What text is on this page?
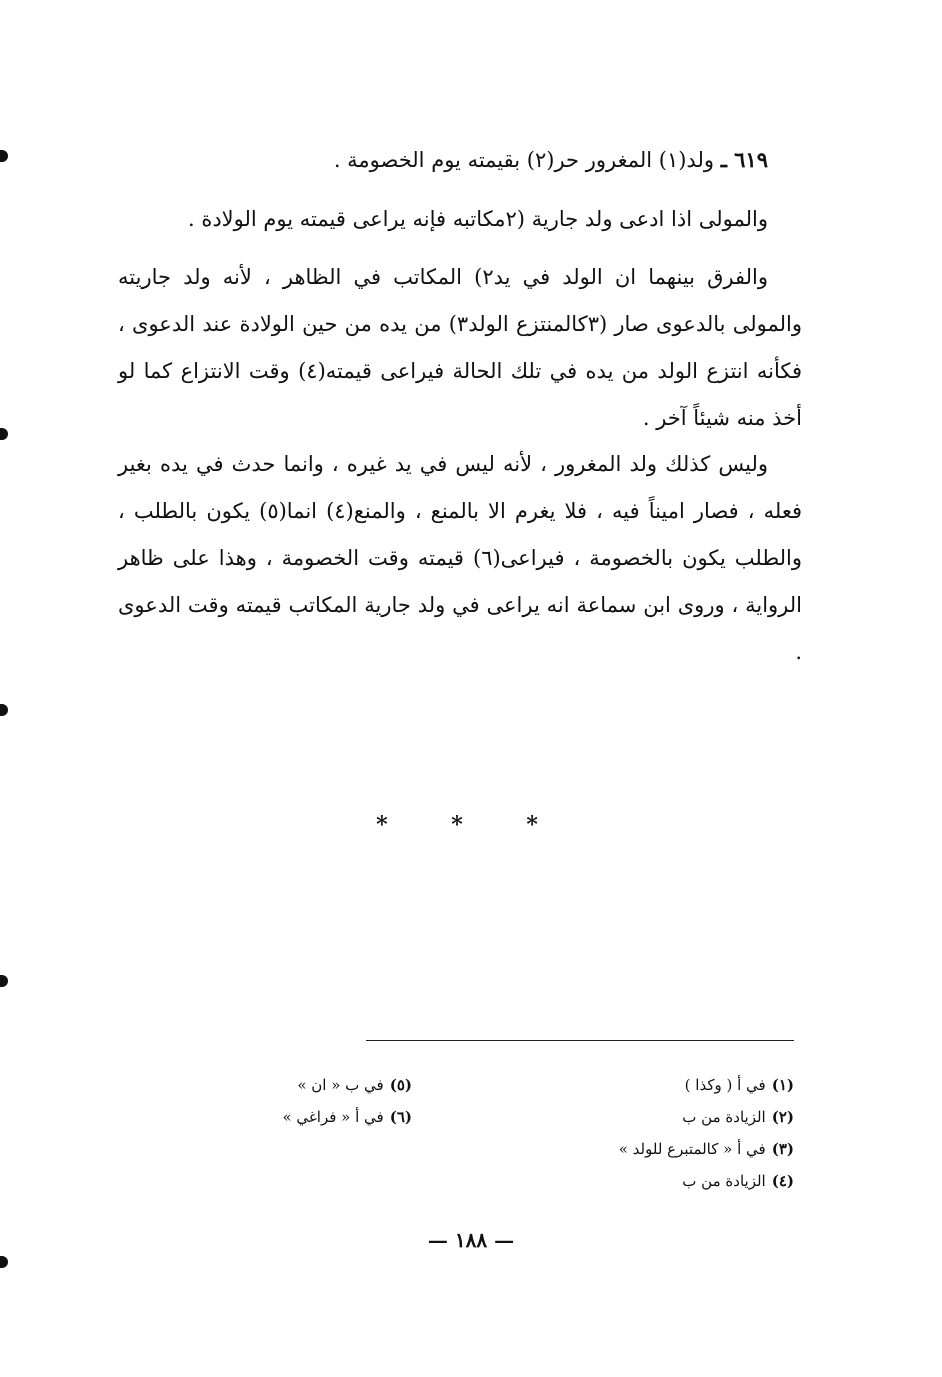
٦١٩ ـ ولد(١) المغرور حر(٢) بقيمته يوم الخصومة .
والمولى اذا ادعى ولد جارية (٢مكاتبه فإنه يراعى قيمته يوم الولادة .
والفرق بينهما ان الولد في يد٢) المكاتب في الظاهر ، لأنه ولد جاريته والمولى بالدعوى صار (٣كالمنتزع الولد٣) من يده من حين الولادة عند الدعوى ، فكأنه انتزع الولد من يده في تلك الحالة فيراعى قيمته(٤) وقت الانتزاع كما لو أخذ منه شيئاً آخر .
وليس كذلك ولد المغرور ، لأنه ليس في يد غيره ، وانما حدث في يده بغير فعله ، فصار اميناً فيه ، فلا يغرم الا بالمنع ، والمنع(٤) انما(٥) يكون بالطلب ، والطلب يكون بالخصومة ، فيراعى(٦) قيمته وقت الخصومة ، وهذا على ظاهر الرواية ، وروى ابن سماعة انه يراعى في ولد جارية المكاتب قيمته وقت الدعوى .
* * *
(١)في أ ( وكذا )
(٢)الزيادة من ب
(٣)في أ « كالمتبرع للولد »
(٤)الزيادة من ب
(٥)في ب « ان »
(٦)في أ « فراغي »
— ١٨٨ —
